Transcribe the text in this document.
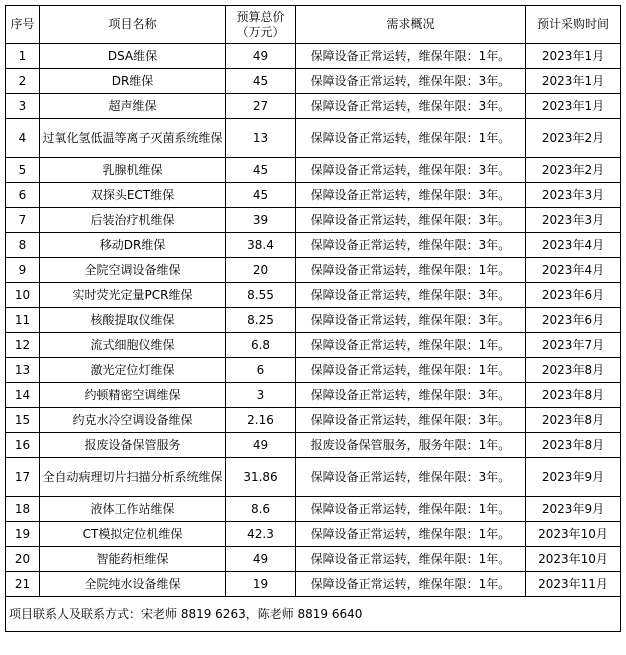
序号	项目名称	预算总价（万元）	需求概况	预计采购时间
1	DSA维保	49	保障设备正常运转，维保年限：1年。	2023年1月
2	DR维保	45	保障设备正常运转，维保年限：3年。	2023年1月
3	超声维保	27	保障设备正常运转，维保年限：3年。	2023年1月
4	过氧化氢低温等离子灭菌系统维保	13	保障设备正常运转，维保年限：1年。	2023年2月
5	乳腺机维保	45	保障设备正常运转，维保年限：3年。	2023年2月
6	双探头ECT维保	45	保障设备正常运转，维保年限：3年。	2023年3月
7	后装治疗机维保	39	保障设备正常运转，维保年限：3年。	2023年3月
8	移动DR维保	38.4	保障设备正常运转，维保年限：3年。	2023年4月
9	全院空调设备维保	20	保障设备正常运转，维保年限：1年。	2023年4月
10	实时荧光定量PCR维保	8.55	保障设备正常运转，维保年限：3年。	2023年6月
11	核酸提取仪维保	8.25	保障设备正常运转，维保年限：3年。	2023年6月
12	流式细胞仪维保	6.8	保障设备正常运转，维保年限：1年。	2023年7月
13	激光定位灯维保	6	保障设备正常运转，维保年限：1年。	2023年8月
14	约顿精密空调维保	3	保障设备正常运转，维保年限：3年。	2023年8月
15	约克水冷空调设备维保	2.16	保障设备正常运转，维保年限：3年。	2023年8月
16	报废设备保管服务	49	报废设备保管服务，服务年限：1年。	2023年8月
17	全自动病理切片扫描分析系统维保	31.86	保障设备正常运转，维保年限：3年。	2023年9月
18	液体工作站维保	8.6	保障设备正常运转，维保年限：1年。	2023年9月
19	CT模拟定位机维保	42.3	保障设备正常运转，维保年限：1年。	2023年10月
20	智能药柜维保	49	保障设备正常运转，维保年限：1年。	2023年10月
21	全院纯水设备维保	19	保障设备正常运转，维保年限：1年。	2023年11月
项目联系人及联系方式：宋老师 8819 6263，陈老师 8819 6640				
